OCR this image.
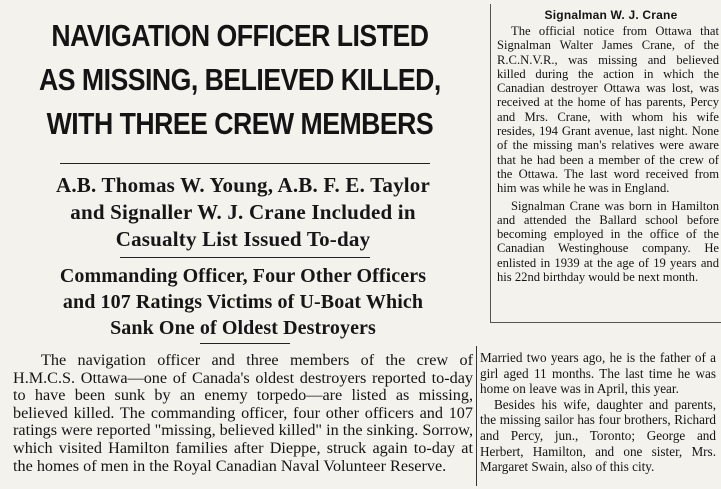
NAVIGATION OFFICER LISTED
AS MISSING, BELIEVED KILLED,
WITH THREE CREW MEMBERS
A.B. Thomas W. Young, A.B. F. E. Taylor
and Signaller W. J. Crane Included in
Casualty List Issued To-day
Commanding Officer, Four Other Officers
and 107 Ratings Victims of U-Boat Which
Sank One of Oldest Destroyers

The navigation officer and three members of the crew of H.M.C.S. Ottawa—one of Canada's oldest destroyers reported to-day to have been sunk by an enemy torpedo—are listed as missing, believed killed. The commanding officer, four other officers and 107 ratings were reported "missing, believed killed" in the sinking. Sorrow, which visited Hamilton families after Dieppe, struck again to-day at the homes of men in the Royal Canadian Naval Volunteer Reserve.

Married two years ago, he is the father of a girl aged 11 months. The last time he was home on leave was in April, this year.

Besides his wife, daughter and parents, the missing sailor has four brothers, Richard and Percy, jun., Toronto; George and Herbert, Hamilton, and one sister, Mrs. Margaret Swain, also of this city.

Signalman W. J. Crane

The official notice from Ottawa that Signalman Walter James Crane, of the R.C.N.V.R., was missing and believed killed during the action in which the Canadian destroyer Ottawa was lost, was received at the home of has parents, Percy and Mrs. Crane, with whom his wife resides, 194 Grant avenue, last night. None of the missing man's relatives were aware that he had been a member of the crew of the Ottawa. The last word received from him was while he was in England.

Signalman Crane was born in Hamilton and attended the Ballard school before becoming employed in the office of the Canadian Westinghouse company. He enlisted in 1939 at the age of 19 years and his 22nd birthday would be next month.
